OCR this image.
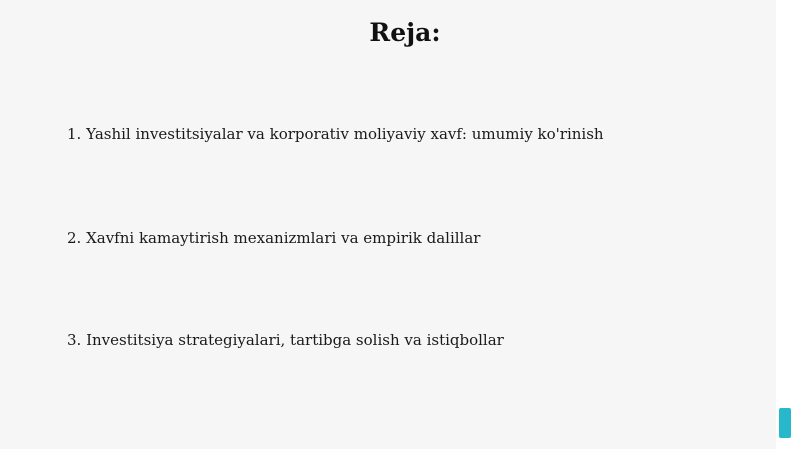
Reja:

1. Yashil investitsiyalar va korporativ moliyaviy xavf: umumiy ko'rinish

2. Xavfni kamaytirish mexanizmlari va empirik dalillar

3. Investitsiya strategiyalari, tartibga solish va istiqbollar
